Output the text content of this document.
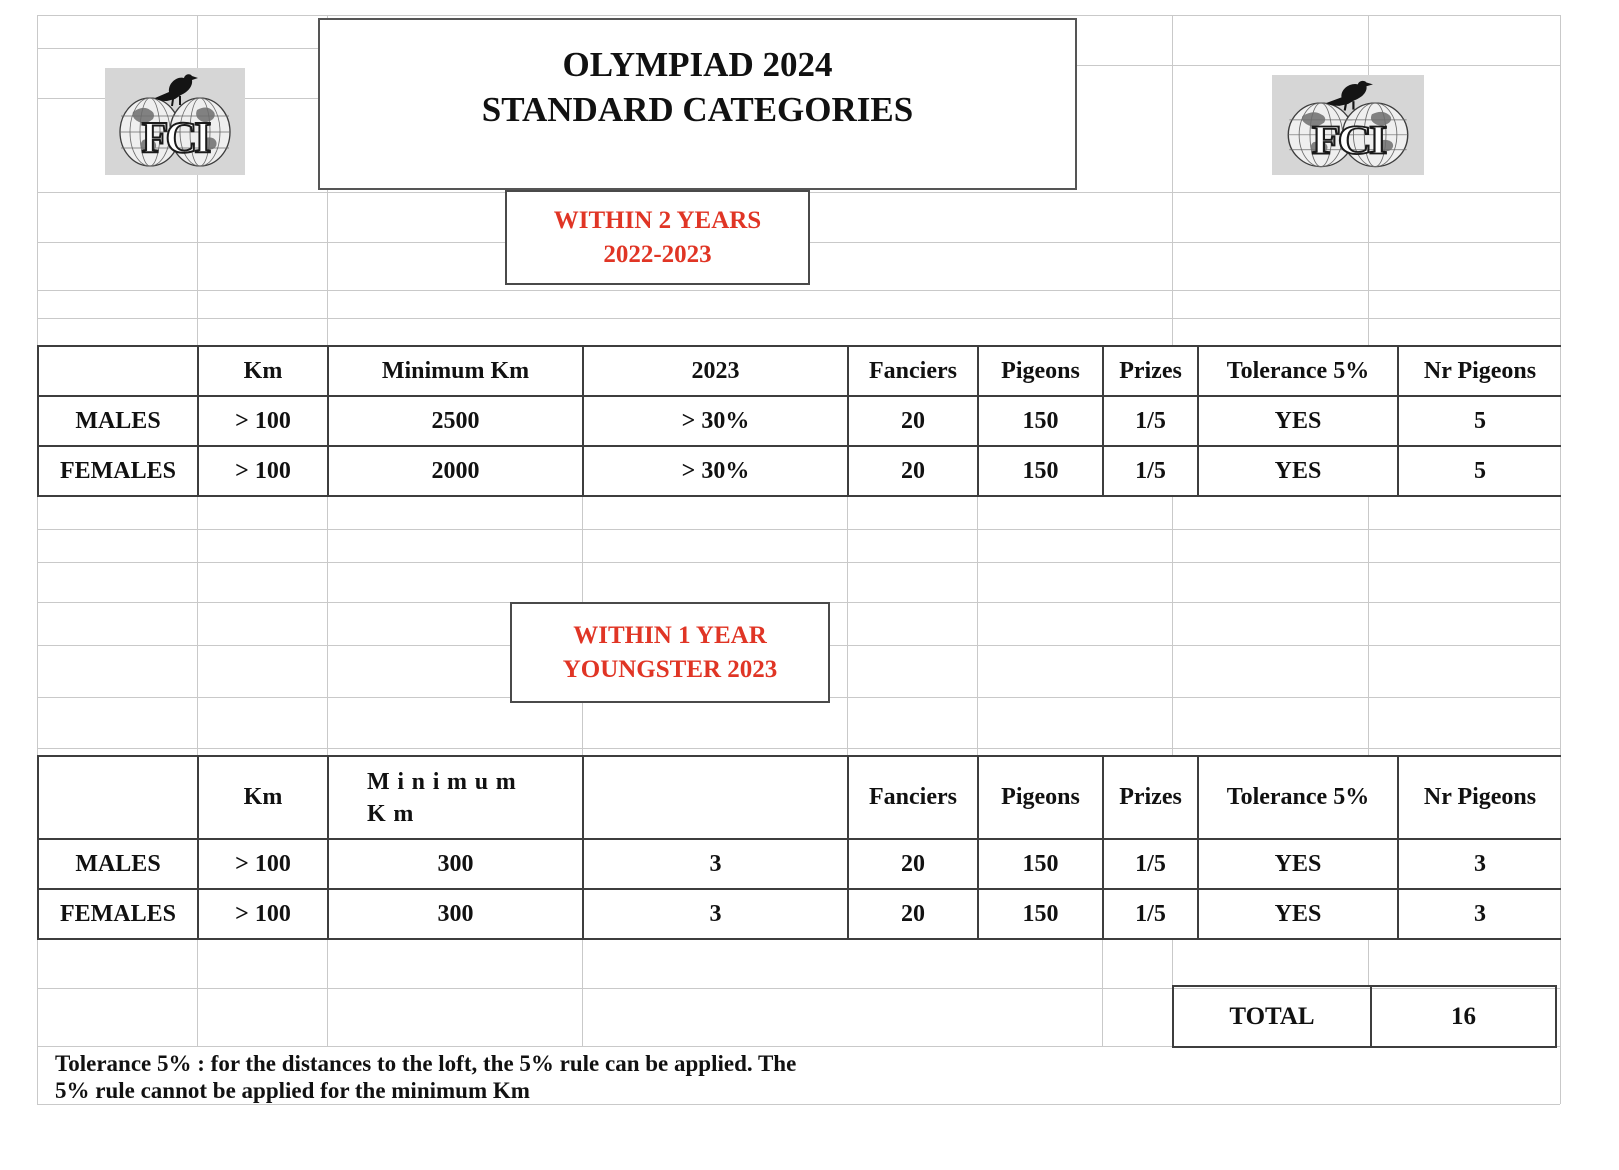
OLYMPIAD 2024
STANDARD CATEGORIES
FCI	FCI
WITHIN 2 YEARS
2022-2023
	Km	Minimum Km	2023	Fanciers	Pigeons	Prizes	Tolerance 5%	Nr Pigeons
MALES	> 100	2500	> 30%	20	150	1/5	YES	5
FEMALES	> 100	2000	> 30%	20	150	1/5	YES	5
WITHIN 1 YEAR
YOUNGSTER 2023
	Km	Minimum Km		Fanciers	Pigeons	Prizes	Tolerance 5%	Nr Pigeons
MALES	> 100	300	3	20	150	1/5	YES	3
FEMALES	> 100	300	3	20	150	1/5	YES	3
TOTAL	16
Tolerance 5% : for the distances to the loft, the 5% rule can be applied. The
5% rule cannot be applied for the minimum Km
